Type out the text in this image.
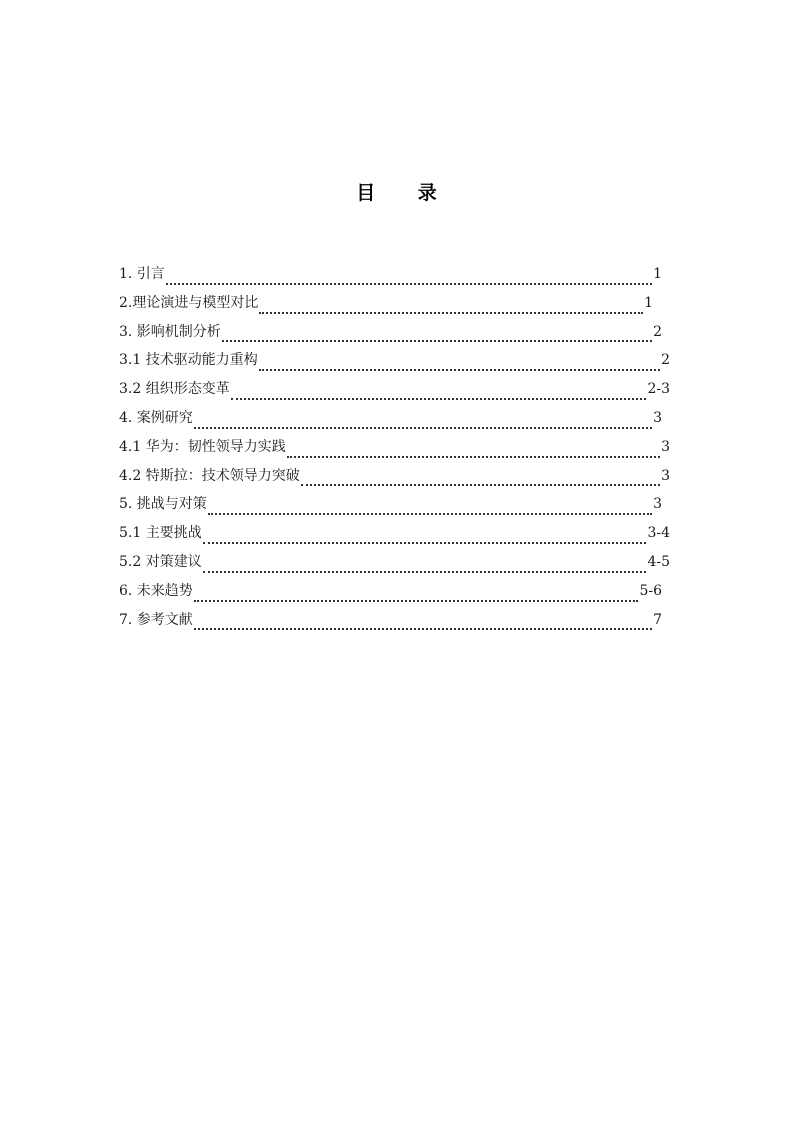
目 录
1. 引言	1
2.理论演进与模型对比	1
3. 影响机制分析	2
3.1 技术驱动能力重构	2
3.2 组织形态变革	2-3
4. 案例研究	3
4.1 华为：韧性领导力实践	3
4.2 特斯拉：技术领导力突破	3
5. 挑战与对策	3
5.1 主要挑战	3-4
5.2 对策建议	4-5
6. 未来趋势	5-6
7. 参考文献	7
